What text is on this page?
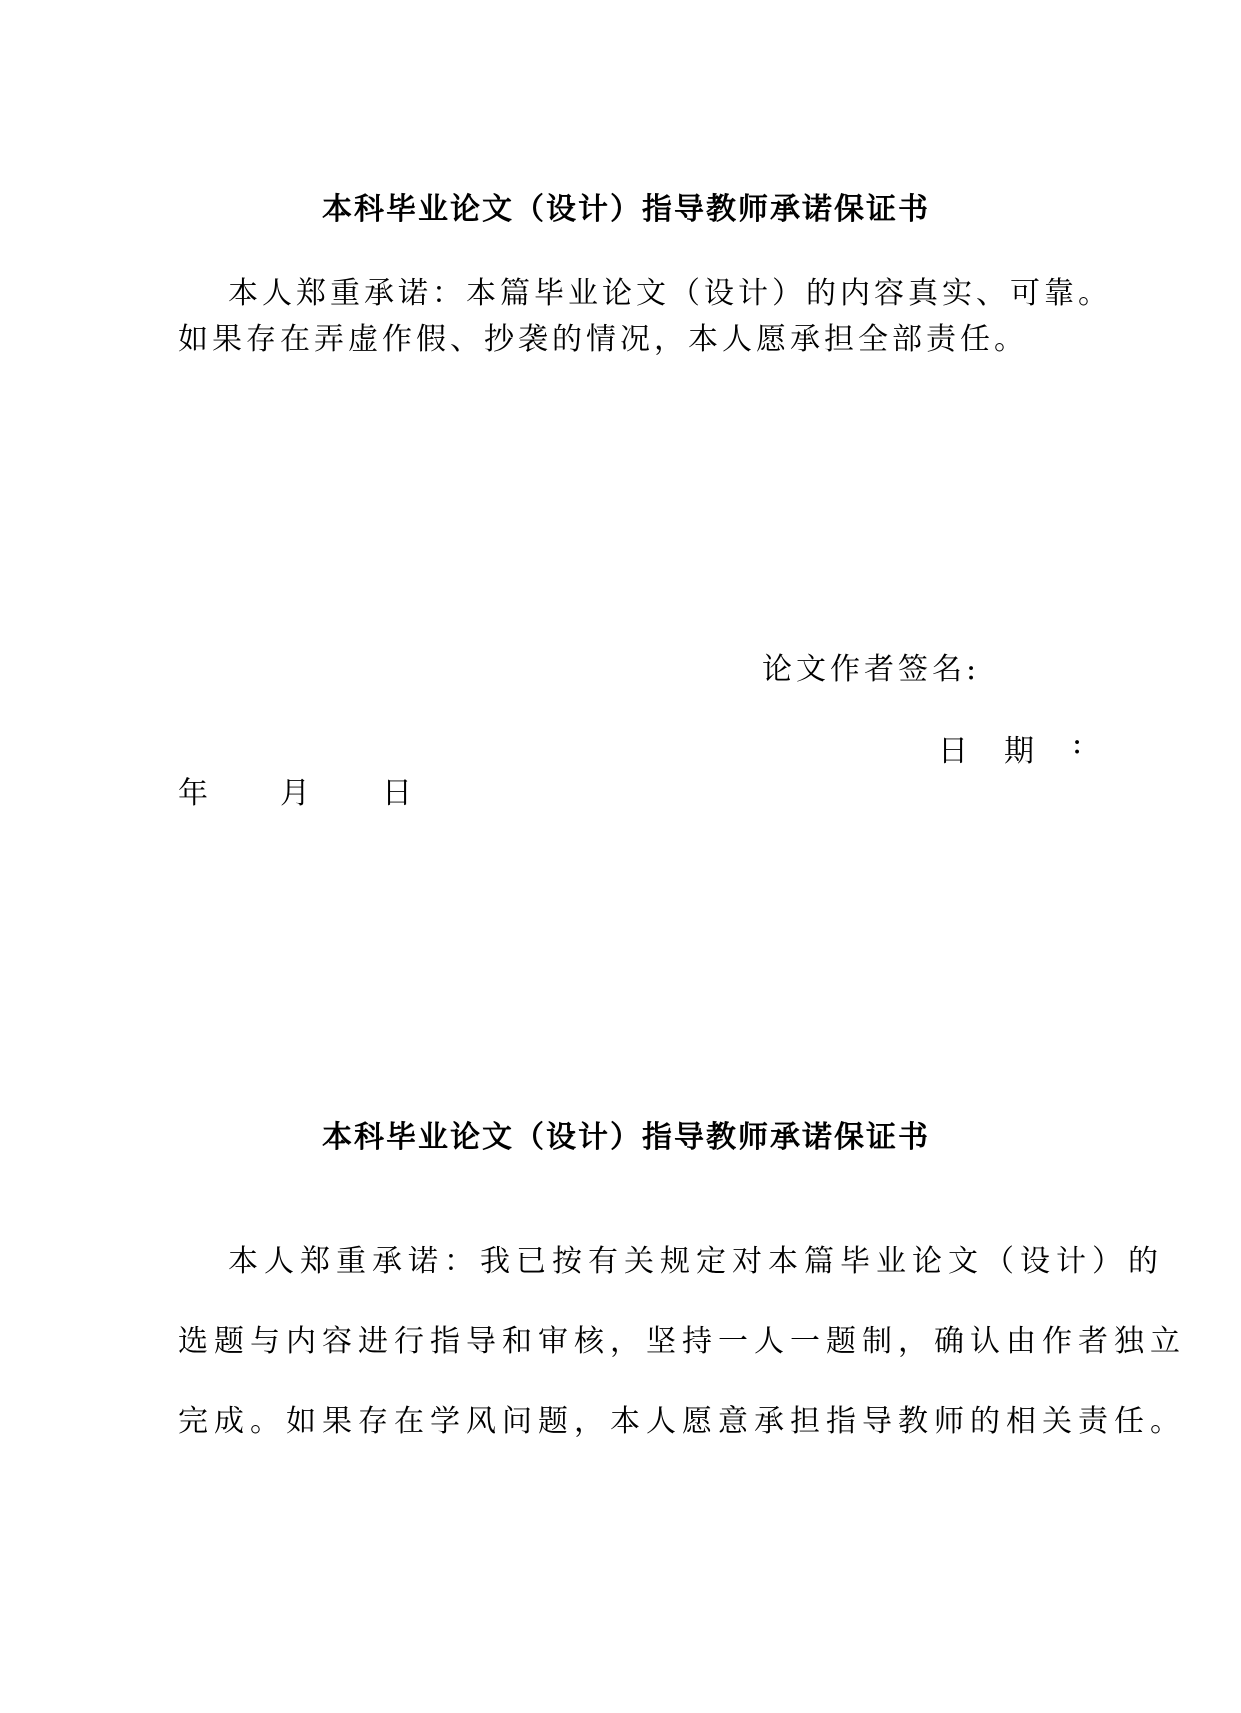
本科毕业论文（设计）指导教师承诺保证书
本人郑重承诺：本篇毕业论文（设计）的内容真实、可靠。
如果存在弄虚作假、抄袭的情况，本人愿承担全部责任。
论文作者签名:
日 期 :
年 月 日
本科毕业论文（设计）指导教师承诺保证书
本人郑重承诺：我已按有关规定对本篇毕业论文（设计）的
选题与内容进行指导和审核，坚持一人一题制，确认由作者独立
完成。如果存在学风问题，本人愿意承担指导教师的相关责任。
